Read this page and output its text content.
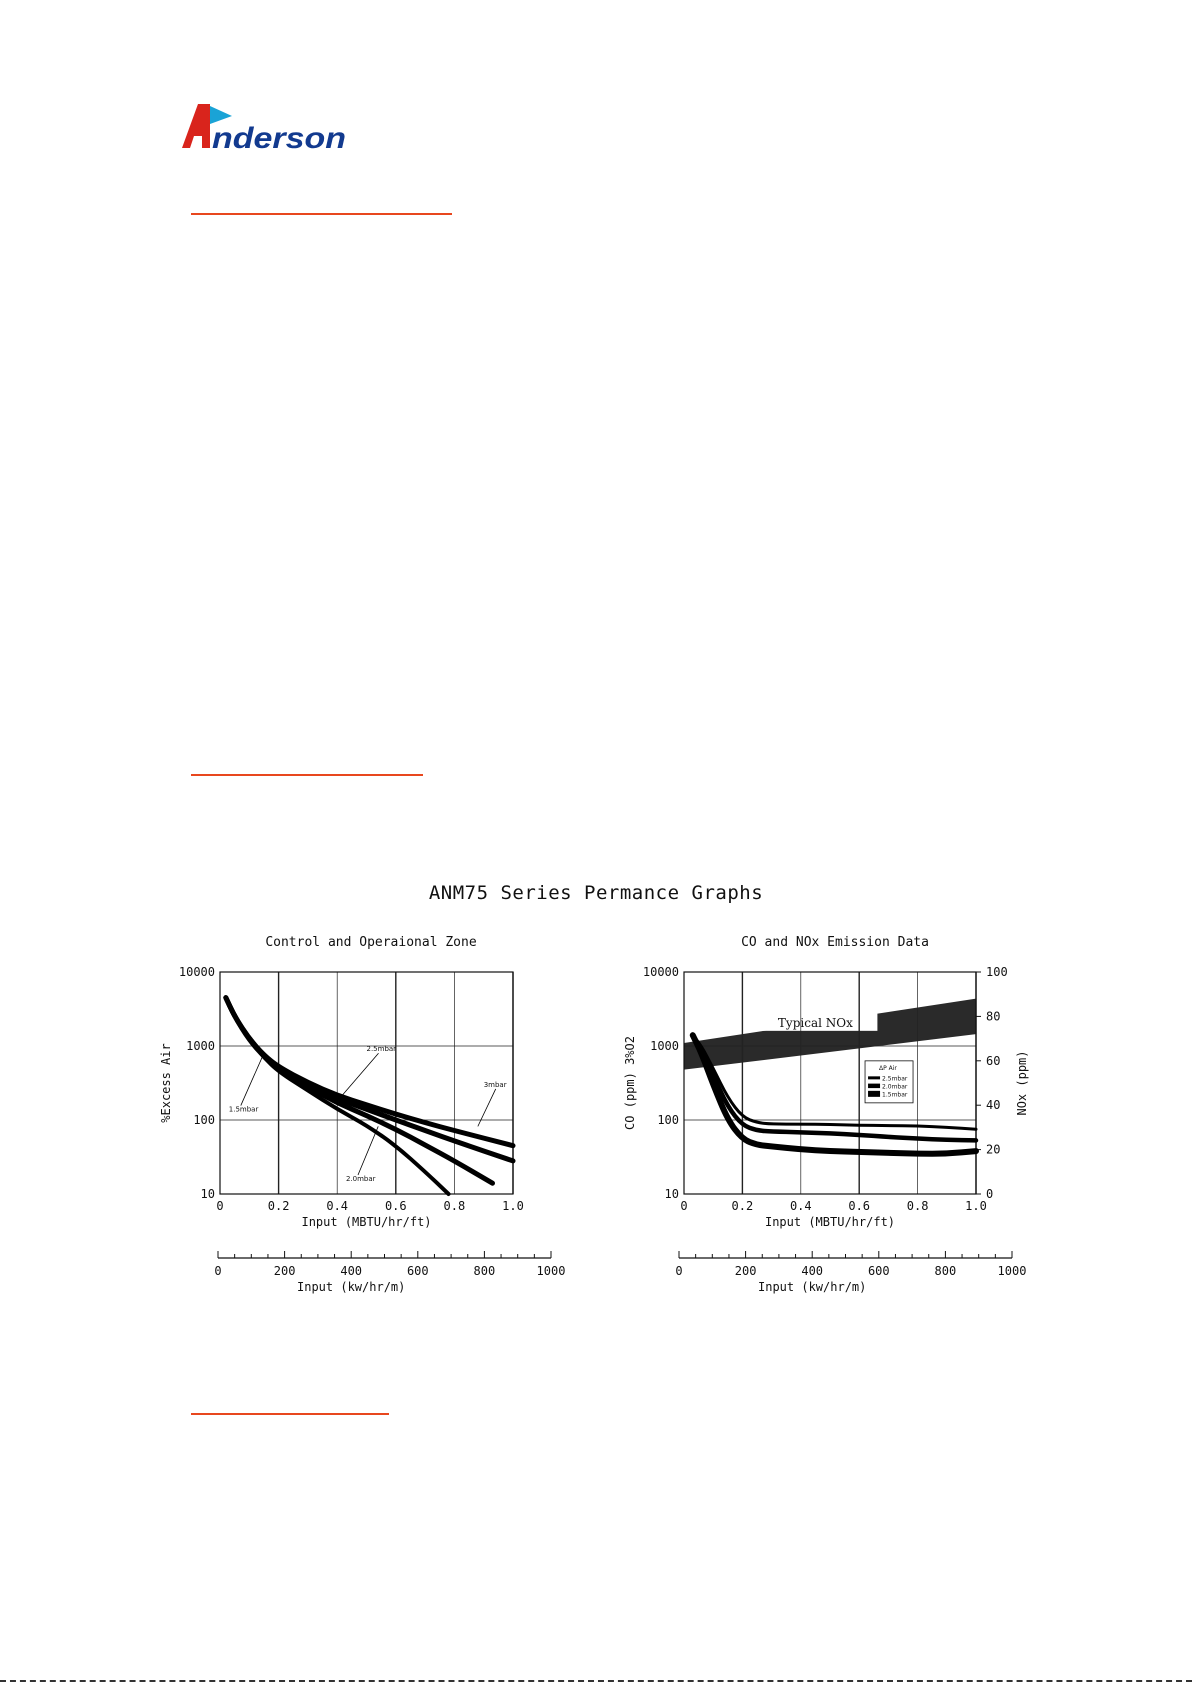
nderson
ANM75 Series Permance Graphs
Control and Operaional Zone
0	0.2	0.4	0.6	0.8	1.0
10000
1000
100
10
Input (MBTU/hr/ft)
%Excess Air	1.5mbar
2.0mbar
2.5mbar
3mbar
0	200	400	600	800	1000
Input (kw/hr/m)
CO and NOx Emission Data
Typical NOx
0	0.2	0.4	0.6	0.8	1.0
10000
1000
100
10
Input (MBTU/hr/ft)
CO (ppm) 3%O2
100
80
60
40
20
0
NOx (ppm)
ΔP Air
2.5mbar
2.0mbar
1.5mbar
0	200	400	600	800	1000
Input (kw/hr/m)
